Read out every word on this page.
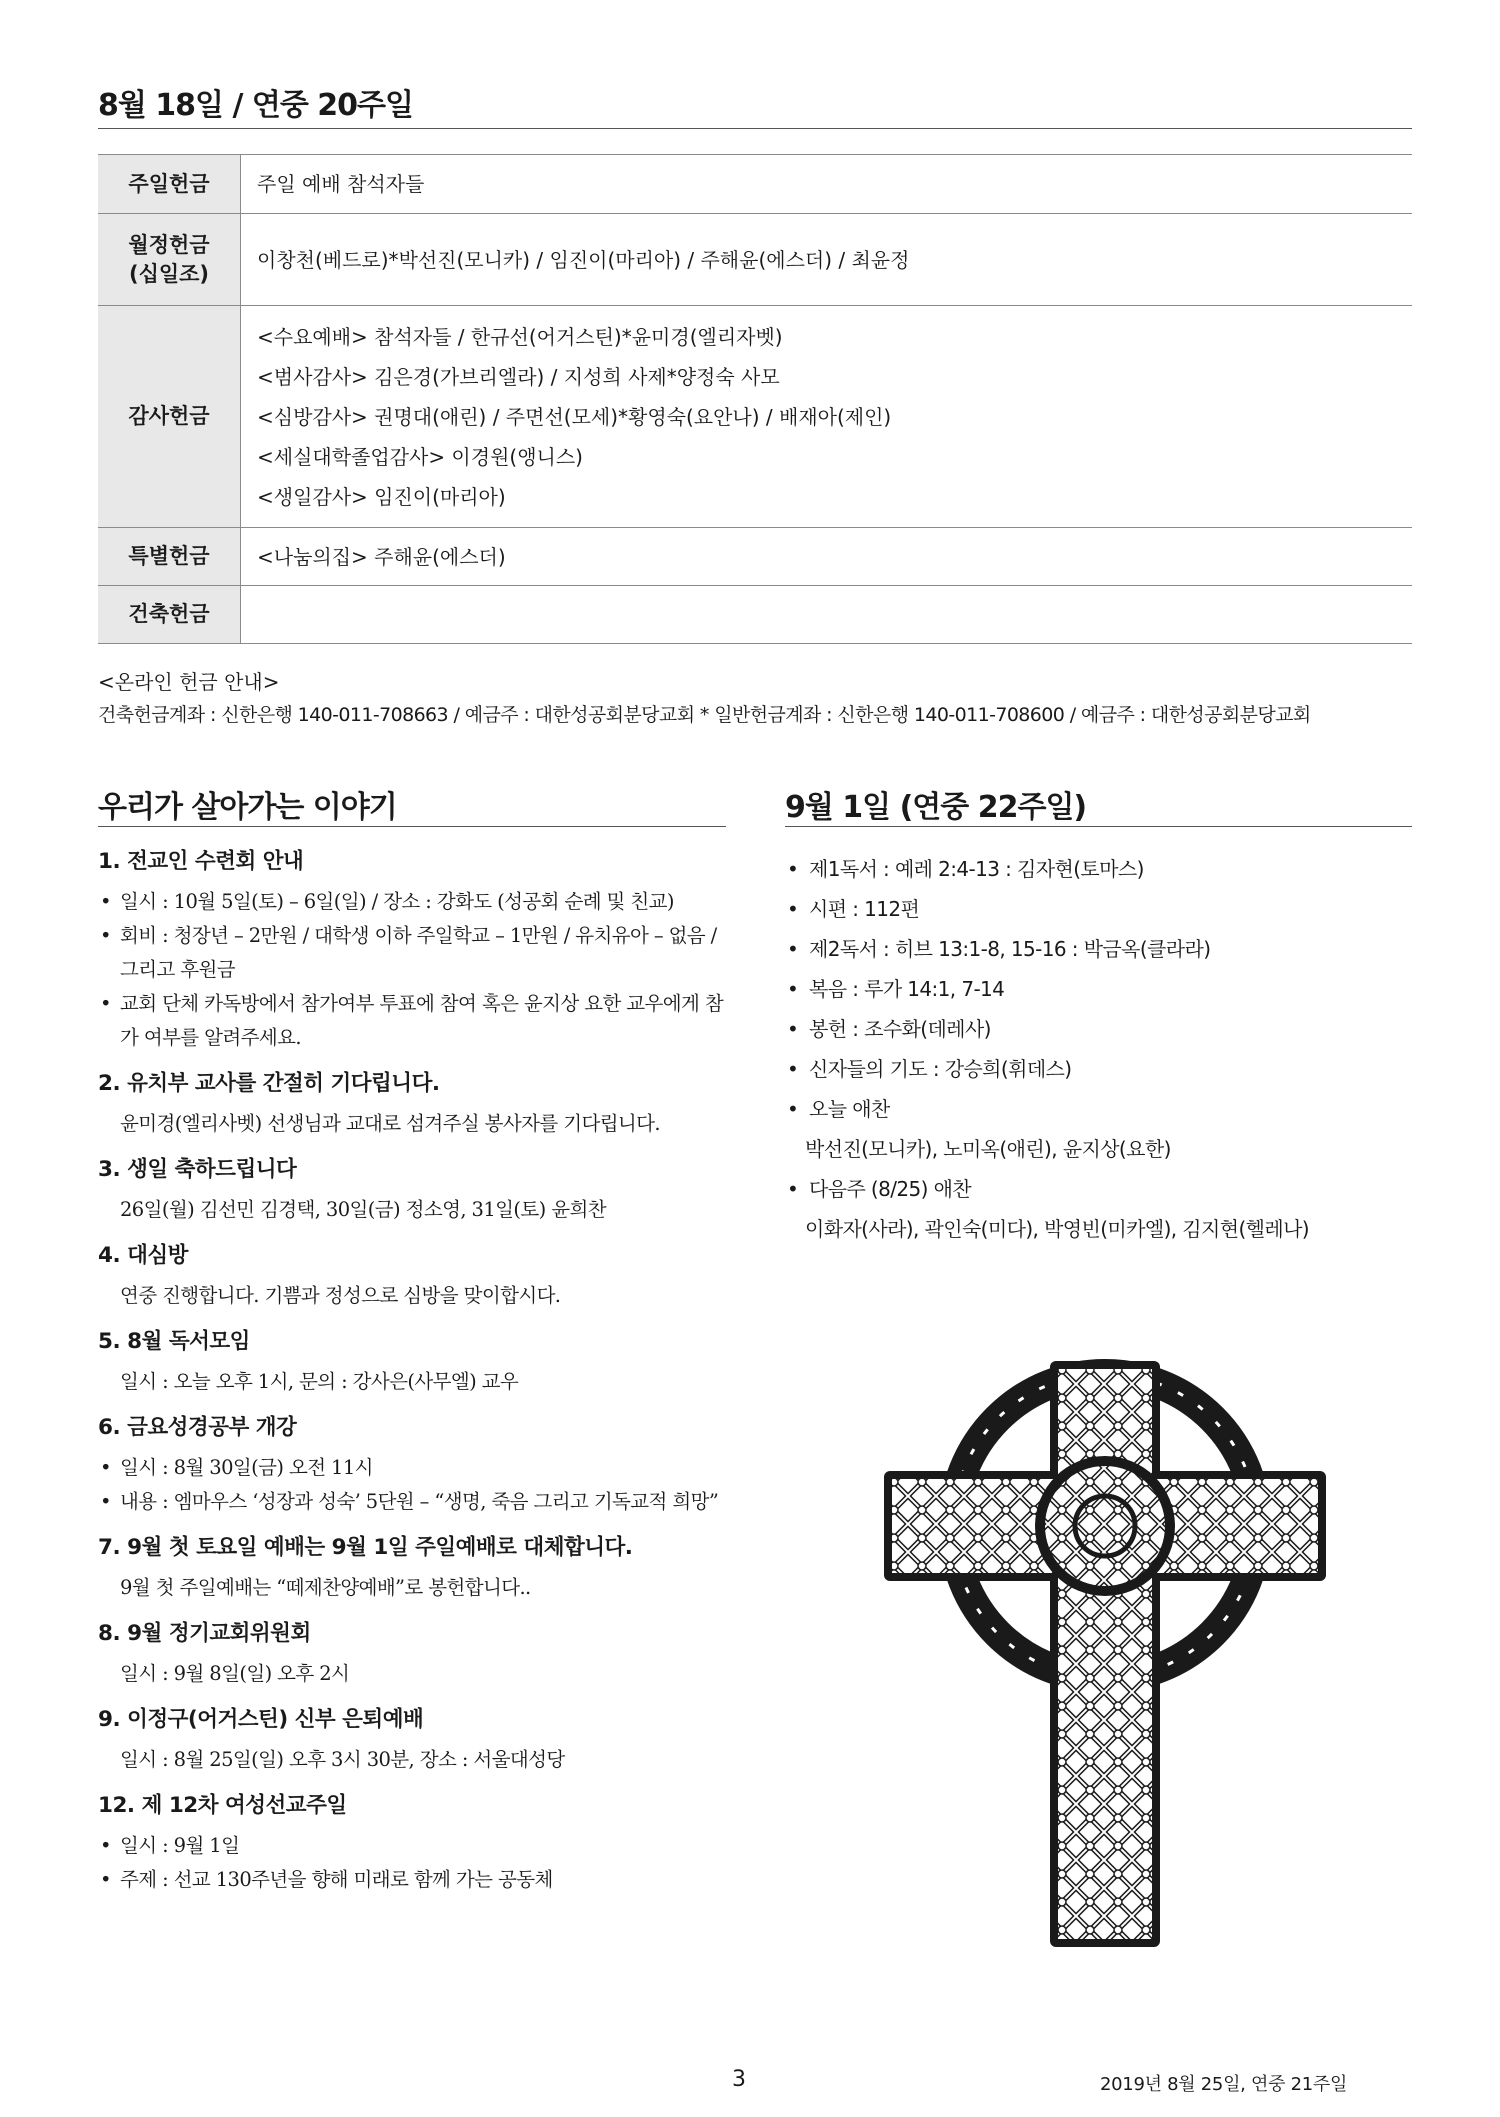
8월 18일 / 연중 20주일
주일헌금	주일 예배 참석자들

월정헌금
(십일조)	이창천(베드로)*박선진(모니카) / 임진이(마리아) / 주해윤(에스더) / 최윤정
감사헌금	<수요예배> 참석자들 / 한규선(어거스틴)*윤미경(엘리자벳)
<범사감사> 김은경(가브리엘라) / 지성희 사제*양정숙 사모
<심방감사> 권명대(애린) / 주면선(모세)*황영숙(요안나) / 배재아(제인)
<세실대학졸업감사> 이경원(앵니스)
<생일감사> 임진이(마리아)

특별헌금	<나눔의집> 주해윤(에스더)
건축헌금	
<온라인 헌금 안내>
건축헌금계좌 : 신한은행 140-011-708663 / 예금주 : 대한성공회분당교회 * 일반헌금계좌 : 신한은행 140-011-708600 / 예금주 : 대한성공회분당교회
우리가 살아가는 이야기
1. 전교인 수련회 안내
• 일시 : 10월 5일(토) – 6일(일) / 장소 : 강화도 (성공회 순례 및 친교)
• 회비 : 청장년 – 2만원 / 대학생 이하 주일학교 – 1만원 / 유치유아 – 없음 / 그리고 후원금
• 교회 단체 카독방에서 참가여부 투표에 참여 혹은 윤지상 요한 교우에게 참가 여부를 알려주세요.
2. 유치부 교사를 간절히 기다립니다.
윤미경(엘리사벳) 선생님과 교대로 섬겨주실 봉사자를 기다립니다.
3. 생일 축하드립니다
26일(월) 김선민 김경택, 30일(금) 정소영, 31일(토) 윤희찬
4. 대심방
연중 진행합니다. 기쁨과 정성으로 심방을 맞이합시다.
5. 8월 독서모임
일시 : 오늘 오후 1시, 문의 : 강사은(사무엘) 교우
6. 금요성경공부 개강
• 일시 : 8월 30일(금) 오전 11시
• 내용 : 엠마우스 ‘성장과 성숙’ 5단원 – “생명, 죽음 그리고 기독교적 희망”
7. 9월 첫 토요일 예배는 9월 1일 주일예배로 대체합니다.
9월 첫 주일예배는 “떼제찬양예배”로 봉헌합니다..
8. 9월 정기교회위원회
일시 : 9월 8일(일) 오후 2시
9. 이정구(어거스틴) 신부 은퇴예배
일시 : 8월 25일(일) 오후 3시 30분, 장소 : 서울대성당
12. 제 12차 여성선교주일
• 일시 : 9월 1일
• 주제 : 선교 130주년을 향해 미래로 함께 가는 공동체
9월 1일 (연중 22주일)
• 제1독서 : 예레 2:4-13 : 김자현(토마스)
• 시편 : 112편
• 제2독서 : 히브 13:1-8, 15-16 : 박금옥(클라라)
• 복음 : 루가 14:1, 7-14
• 봉헌 : 조수화(데레사)
• 신자들의 기도 : 강승희(휘데스)
• 오늘 애찬
박선진(모니카), 노미옥(애린), 윤지상(요한)
• 다음주 (8/25) 애찬
이화자(사라), 곽인숙(미다), 박영빈(미카엘), 김지현(헬레나)
3	2019년 8월 25일, 연중 21주일
